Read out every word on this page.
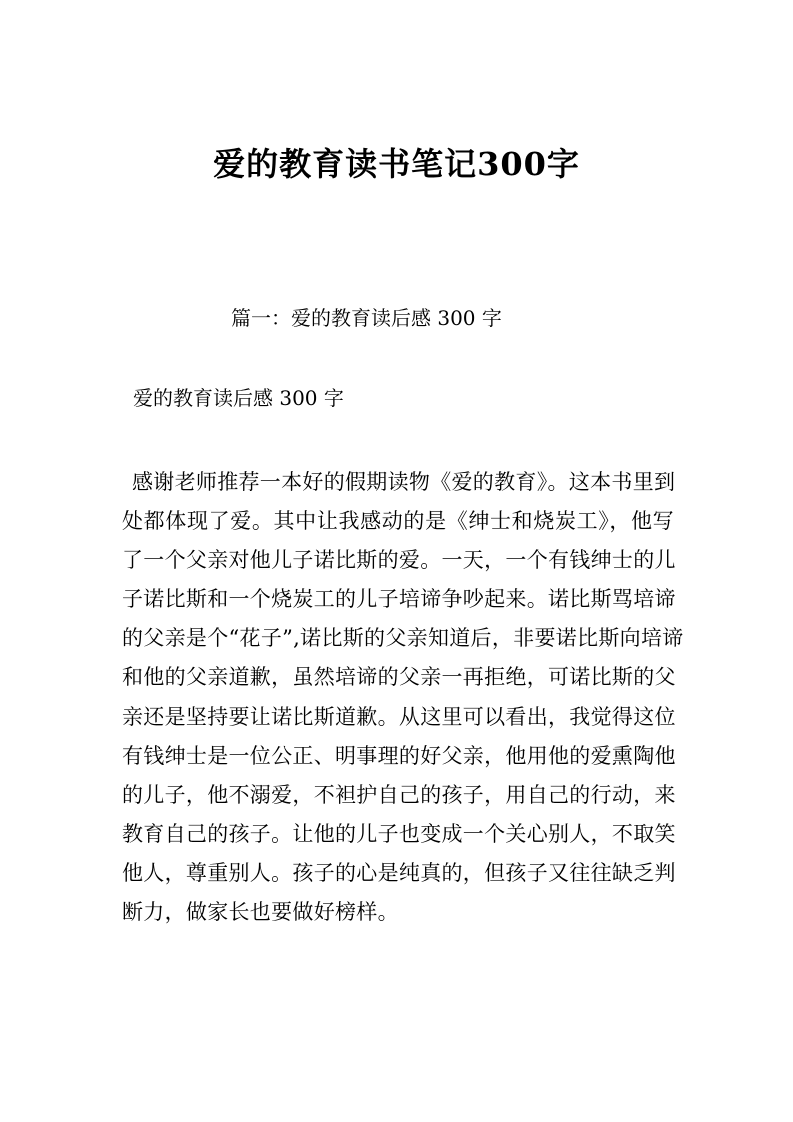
爱的教育读书笔记300字

篇一：爱的教育读后感 300 字

爱的教育读后感 300 字

感谢老师推荐一本好的假期读物《爱的教育》。这本书里到
处都体现了爱。其中让我感动的是《绅士和烧炭工》，他写
了一个父亲对他儿子诺比斯的爱。一天，一个有钱绅士的儿
子诺比斯和一个烧炭工的儿子培谛争吵起来。诺比斯骂培谛
的父亲是个“花子”,诺比斯的父亲知道后，非要诺比斯向培谛
和他的父亲道歉，虽然培谛的父亲一再拒绝，可诺比斯的父
亲还是坚持要让诺比斯道歉。从这里可以看出，我觉得这位
有钱绅士是一位公正、明事理的好父亲，他用他的爱熏陶他
的儿子，他不溺爱，不袒护自己的孩子，用自己的行动，来
教育自己的孩子。让他的儿子也变成一个关心别人，不取笑
他人，尊重别人。孩子的心是纯真的，但孩子又往往缺乏判
断力，做家长也要做好榜样。
